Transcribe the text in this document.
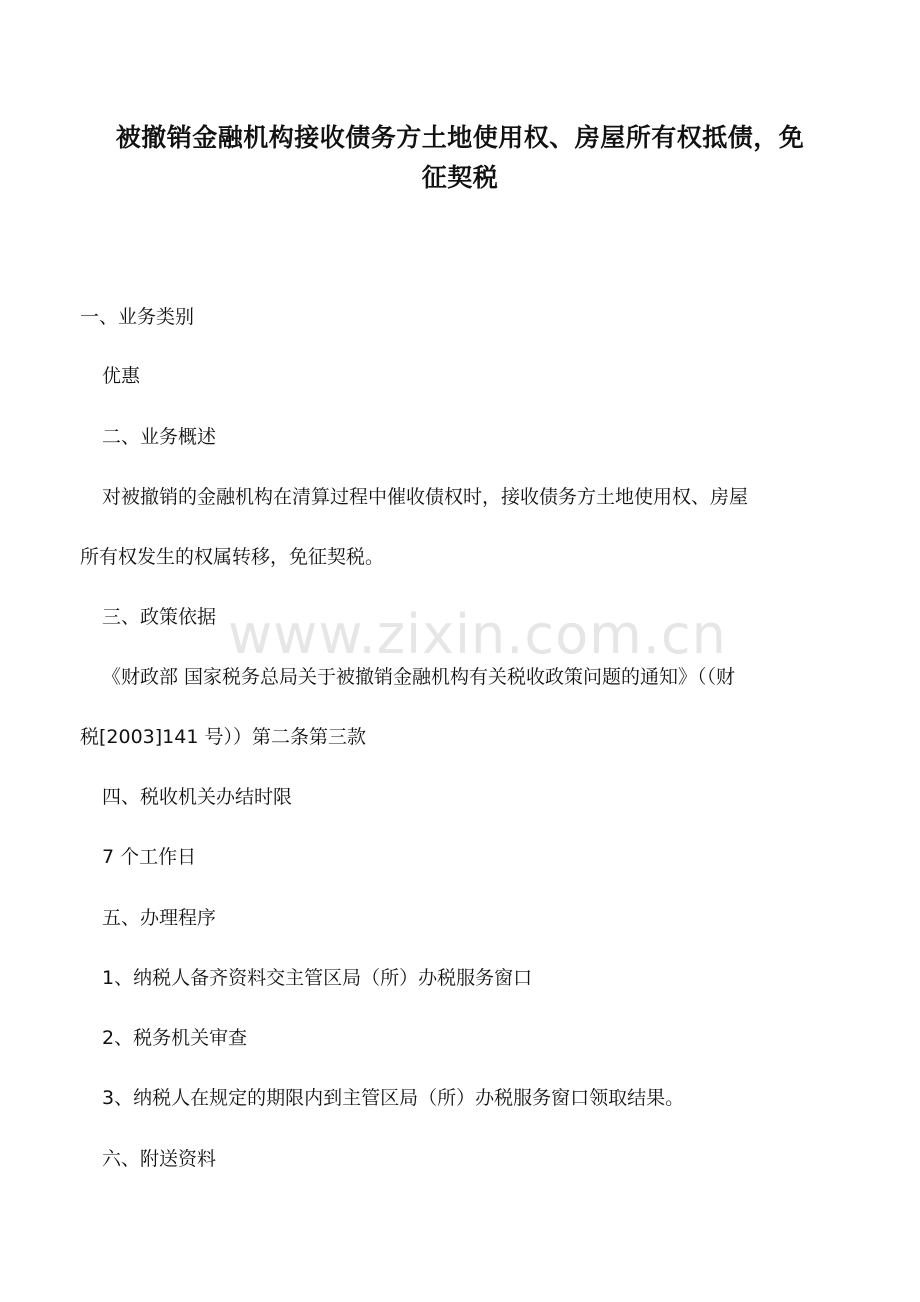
被撤销金融机构接收债务方土地使用权、房屋所有权抵债，免
征契税

一、业务类别

优惠

二、业务概述

对被撤销的金融机构在清算过程中催收债权时，接收债务方土地使用权、房屋

所有权发生的权属转移，免征契税。

三、政策依据

《财政部 国家税务总局关于被撤销金融机构有关税收政策问题的通知》（（财

税[2003]141 号））第二条第三款

四、税收机关办结时限

7 个工作日

五、办理程序

1、纳税人备齐资料交主管区局（所）办税服务窗口

2、税务机关审查

3、纳税人在规定的期限内到主管区局（所）办税服务窗口领取结果。

六、附送资料

www.zixin.com.cn
